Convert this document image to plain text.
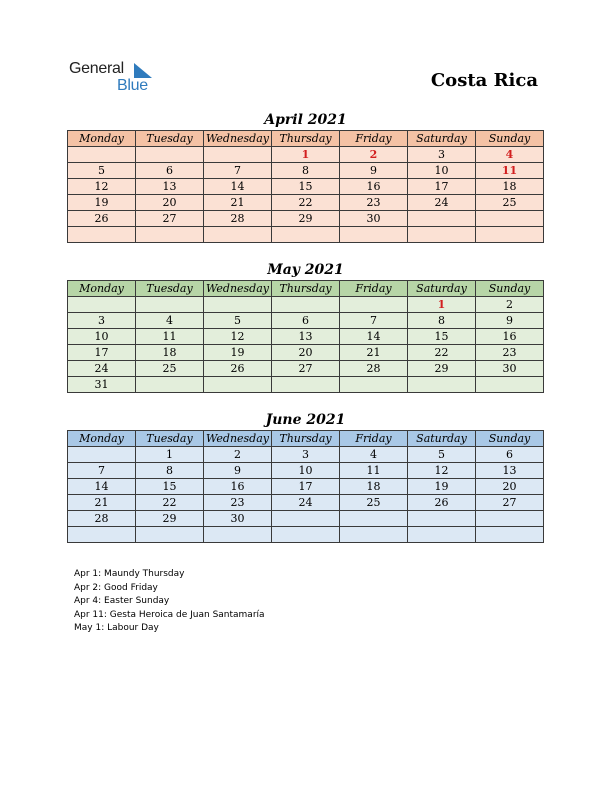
General
Blue	Costa Rica
April 2021
Monday	Tuesday	Wednesday	Thursday	Friday	Saturday	Sunday
			1	2	3	4
5	6	7	8	9	10	11
12	13	14	15	16	17	18
19	20	21	22	23	24	25
26	27	28	29	30		

May 2021
Monday	Tuesday	Wednesday	Thursday	Friday	Saturday	Sunday
					1	2
3	4	5	6	7	8	9
10	11	12	13	14	15	16
17	18	19	20	21	22	23
24	25	26	27	28	29	30
31						
June 2021
Monday	Tuesday	Wednesday	Thursday	Friday	Saturday	Sunday
	1	2	3	4	5	6
7	8	9	10	11	12	13
14	15	16	17	18	19	20
21	22	23	24	25	26	27
28	29	30				

Apr 1: Maundy Thursday
Apr 2: Good Friday
Apr 4: Easter Sunday
Apr 11: Gesta Heroica de Juan Santamaría
May 1: Labour Day
